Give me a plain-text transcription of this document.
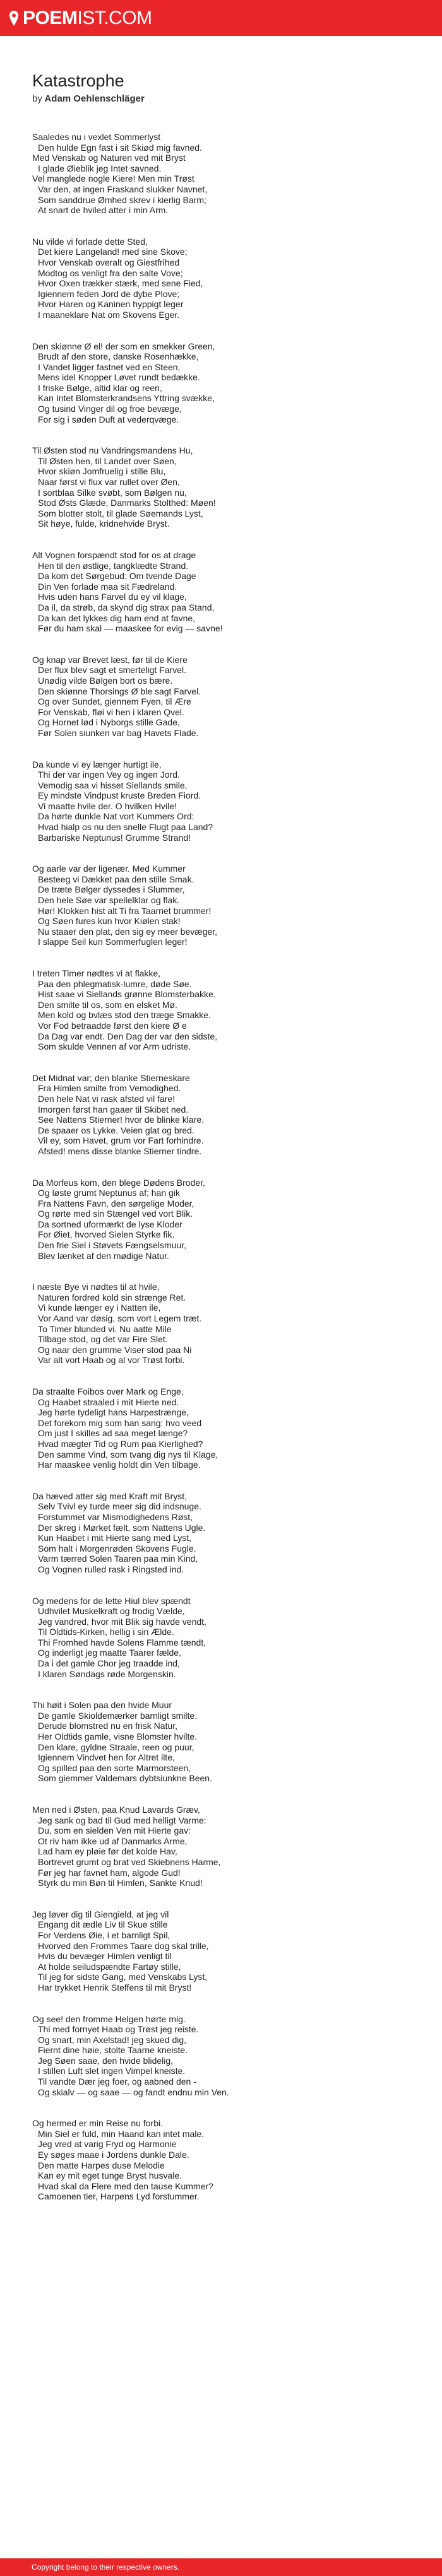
POEMIST.COM
Katastrophe
by Adam Oehlenschläger
Saaledes nu i vexlet Sommerlyst
Den hulde Egn fast i sit Skiød mig favned.
Med Venskab og Naturen ved mit Bryst
I glade Øieblik jeg Intet savned.
Vel manglede nogle Kiere! Men min Trøst
Var den, at ingen Fraskand slukker Navnet,
Som sanddrue Ømhed skrev i kierlig Barm;
At snart de hviled atter i min Arm.
Nu vilde vi forlade dette Sted,
Det kiere Langeland! med sine Skove;
Hvor Venskab overalt og Giestfrihed
Modtog os venligt fra den salte Vove;
Hvor Oxen trækker stærk, med sene Fied,
Igiennem feden Jord de dybe Plove;
Hvor Haren og Kaninen hyppigt leger
I maaneklare Nat om Skovens Eger.
Den skiønne Ø el! der som en smekker Green,
Brudt af den store, danske Rosenhække,
I Vandet ligger fastnet ved en Steen,
Mens idel Knopper Løvet rundt bedække.
I friske Bølge, altid klar og reen,
Kan Intet Blomsterkrandsens Yttring svække,
Og tusind Vinger dil og froe bevæge,
For sig i søden Duft at vederqvæge.
Til Østen stod nu Vandringsmandens Hu,
Til Østen hen, til Landet over Søen,
Hvor skiøn Jomfruelig i stille Blu,
Naar først vi flux var rullet over Øen,
I sortblaa Silke svøbt, som Bølgen nu,
Stod Østs Glæde, Danmarks Stolthed: Møen!
Som blotter stolt, til glade Søemands Lyst,
Sit høye, fulde, kridnehvide Bryst.
Alt Vognen forspændt stod for os at drage
Hen til den østlige, tangklædte Strand.
Da kom det Sørgebud: Om tvende Dage
Din Ven forlade maa sit Fædreland.
Hvis uden hans Farvel du ey vil klage,
Da il, da strøb, da skynd dig strax paa Stand,
Da kan det lykkes dig ham end at favne,
Før du ham skal — maaskee for evig — savne!
Og knap var Brevet læst, før til de Kiere
Der flux blev sagt et smerteligt Farvel.
Unødig vilde Bølgen bort os bære.
Den skiønne Thorsings Ø ble sagt Farvel.
Og over Sundet, giennem Fyen, til Ære
For Venskab, fløi vi hen i klaren Qvel.
Og Hornet lød i Nyborgs stille Gade,
Før Solen siunken var bag Havets Flade.
Da kunde vi ey længer hurtigt ile,
Thi der var ingen Vey og ingen Jord.
Vemodig saa vi hisset Siellands smile,
Ey mindste Vindpust kruste Breden Fiord.
Vi maatte hvile der. O hvilken Hvile!
Da hørte dunkle Nat vort Kummers Ord:
Hvad hialp os nu den snelle Flugt paa Land?
Barbariske Neptunus! Grumme Strand!
Og aarle var der ligenær. Med Kummer
Besteeg vi Dækket paa den stille Smak.
De træte Bølger dyssedes i Slummer,
Den hele Søe var speilelklar og flak.
Hør! Klokken hist alt Ti fra Taarnet brummer!
Og Søen fures kun hvor Kiølen stak!
Nu staaer den plat, den sig ey meer bevæger,
I slappe Seil kun Sommerfuglen leger!
I treten Timer nødtes vi at flakke,
Paa den phlegmatisk-lumre, døde Søe.
Hist saae vi Siellands grønne Blomsterbakke.
Den smilte til os, som en elsket Mø.
Men kold og bvlæs stod den træge Smakke.
Vor Fod betraadde først den kiere Ø e
Da Dag var endt. Den Dag der var den sidste,
Som skulde Vennen af vor Arm udriste.
Det Midnat var; den blanke Stierneskare
Fra Himlen smilte from Vemodighed.
Den hele Nat vi rask afsted vil fare!
Imorgen først han gaaer til Skibet ned.
See Nattens Stierner! hvor de blinke klare.
De spaaer os Lykke. Veien glat og bred.
Vil ey, som Havet, grum vor Fart forhindre.
Afsted! mens disse blanke Stierner tindre.
Da Morfeus kom, den blege Dødens Broder,
Og løste grumt Neptunus af; han gik
Fra Nattens Favn, den sørgelige Moder,
Og rørte med sin Stængel ved vort Blik.
Da sortned uformærkt de lyse Kloder
For Øiet, hvorved Sielen Styrke fik.
Den frie Siel i Støvets Fængselsmuur,
Blev lænket af den mødige Natur.
I næste Bye vi nødtes til at hvile,
Naturen fordred kold sin strænge Ret.
Vi kunde længer ey i Natten ile,
Vor Aand var døsig, som vort Legem træt.
To Timer blunded vi. Nu aatte Mile
Tilbage stod, og det var Fire Slet.
Og naar den grumme Viser stod paa Ni
Var alt vort Haab og al vor Trøst forbi.
Da straalte Foibos over Mark og Enge,
Og Haabet straaled i mit Hierte ned.
Jeg hørte tydeligt hans Harpestrænge,
Det forekom mig som han sang: hvo veed
Om just I skilles ad saa meget længe?
Hvad mægter Tid og Rum paa Kierlighed?
Den samme Vind, som tvang dig nys til Klage,
Har maaskee venlig holdt din Ven tilbage.
Da hæved atter sig med Kraft mit Bryst,
Selv Tvivl ey turde meer sig did indsnuge.
Forstummet var Mismodighedens Røst,
Der skreg i Mørket fælt, som Nattens Ugle.
Kun Haabet i mit Hierte sang med Lyst,
Som halt i Morgenrøden Skovens Fugle.
Varm tærred Solen Taaren paa min Kind,
Og Vognen rulled rask i Ringsted ind.
Og medens for de lette Hiul blev spændt
Udhvilet Muskelkraft og frodig Vælde,
Jeg vandred, hvor mit Blik sig havde vendt,
Til Oldtids-Kirken, hellig i sin Ælde.
Thi Fromhed havde Solens Flamme tændt,
Og inderligt jeg maatte Taarer fælde,
Da i det gamle Chor jeg traadde ind,
I klaren Søndags røde Morgenskin.
Thi høit i Solen paa den hvide Muur
De gamle Skioldemærker barnligt smilte.
Derude blomstred nu en frisk Natur,
Her Oldtids gamle, visne Blomster hvilte.
Den klare, gyldne Straale, reen og puur,
Igiennem Vindvet hen for Altret ilte,
Og spilled paa den sorte Marmorsteen,
Som giemmer Valdemars dybtsiunkne Been.
Men ned i Østen, paa Knud Lavards Græv,
Jeg sank og bad til Gud med helligt Varme:
Du, som en sielden Ven mit Hierte gav:
Ot riv ham ikke ud af Danmarks Arme,
Lad ham ey pløie før det kolde Hav,
Bortrevet grumt og brat ved Skiebnens Harme,
Før jeg har favnet ham, algode Gud!
Styrk du min Bøn til Himlen, Sankte Knud!
Jeg løver dig til Giengield, at jeg vil
Engang dit ædle Liv til Skue stille
For Verdens Øie, i et barnligt Spil,
Hvorved den Frommes Taare dog skal trille,
Hvis du bevæger Himlen venligt til
At holde seiludspændte Fartøy stille,
Til jeg for sidste Gang, med Venskabs Lyst,
Har trykket Henrik Steffens til mit Bryst!
Og see! den fromme Helgen hørte mig.
Thi med fornyet Haab og Trøst jeg reiste.
Og snart, min Axelstad! jeg skued dig,
Fiernt dine høie, stolte Taarne kneiste.
Jeg Søen saae, den hvide blidelig,
I stillen Luft slet ingen Vimpel kneiste.
Til vandte Dær jeg foer, og aabned den -
Og skialv — og saae — og fandt endnu min Ven.
Og hermed er min Reise nu forbi.
Min Siel er fuld, min Haand kan intet male.
Jeg vred at varig Fryd og Harmonie
Ey søges maae i Jordens dunkle Dale.
Den matte Harpes duse Melodie
Kan ey mit eget tunge Bryst husvale.
Hvad skal da Flere med den tause Kummer?
Camoenen tier, Harpens Lyd forstummer.
Copyright belong to their respective owners.
